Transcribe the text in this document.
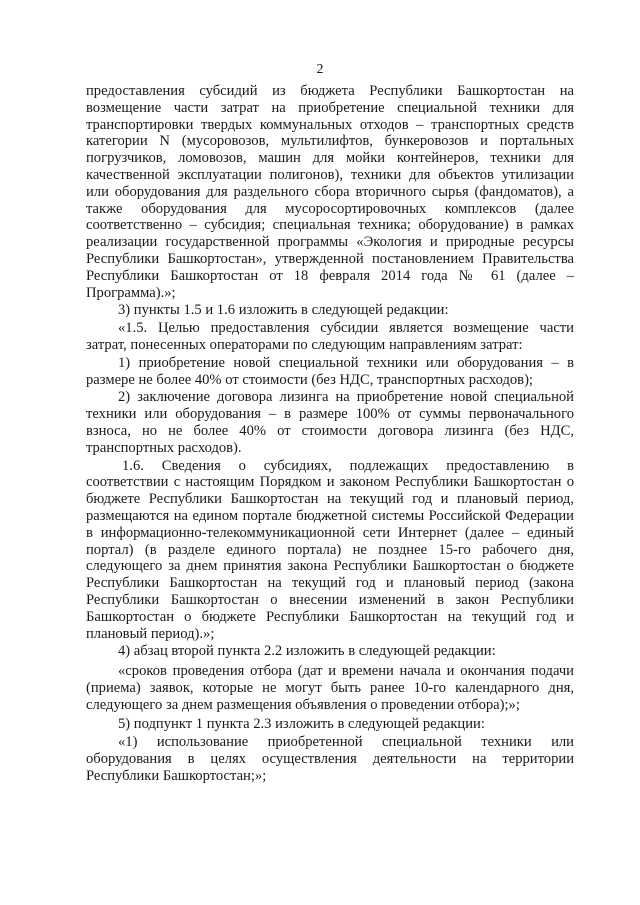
2

предоставления субсидий из бюджета Республики Башкортостан на возмещение части затрат на приобретение специальной техники для транспортировки твердых коммунальных отходов – транспортных средств категории N (мусоровозов, мультилифтов, бункеровозов и портальных погрузчиков, ломовозов, машин для мойки контейнеров, техники для качественной эксплуатации полигонов), техники для объектов утилизации или оборудования для раздельного сбора вторичного сырья (фандоматов), а также оборудования для мусоросортировочных комплексов (далее соответственно – субсидия; специальная техника; оборудование) в рамках реализации государственной программы «Экология и природные ресурсы Республики Башкортостан», утвержденной постановлением Правительства Республики Башкортостан от 18 февраля 2014 года № 61 (далее – Программа).»;

3) пункты 1.5 и 1.6 изложить в следующей редакции:

«1.5. Целью предоставления субсидии является возмещение части затрат, понесенных операторами по следующим направлениям затрат:

1) приобретение новой специальной техники или оборудования – в размере не более 40% от стоимости (без НДС, транспортных расходов);

2) заключение договора лизинга на приобретение новой специальной техники или оборудования – в размере 100% от суммы первоначального взноса, но не более 40% от стоимости договора лизинга (без НДС, транспортных расходов).

1.6. Сведения о субсидиях, подлежащих предоставлению в соответствии с настоящим Порядком и законом Республики Башкортостан о бюджете Республики Башкортостан на текущий год и плановый период, размещаются на едином портале бюджетной системы Российской Федерации в информационно-телекоммуникационной сети Интернет (далее – единый портал) (в разделе единого портала) не позднее 15-го рабочего дня, следующего за днем принятия закона Республики Башкортостан о бюджете Республики Башкортостан на текущий год и плановый период (закона Республики Башкортостан о внесении изменений в закон Республики Башкортостан о бюджете Республики Башкортостан на текущий год и плановый период).»;

4) абзац второй пункта 2.2 изложить в следующей редакции:

«сроков проведения отбора (дат и времени начала и окончания подачи (приема) заявок, которые не могут быть ранее 10-го календарного дня, следующего за днем размещения объявления о проведении отбора);»;

5) подпункт 1 пункта 2.3 изложить в следующей редакции:

«1) использование приобретенной специальной техники или оборудования в целях осуществления деятельности на территории Республики Башкортостан;»;
